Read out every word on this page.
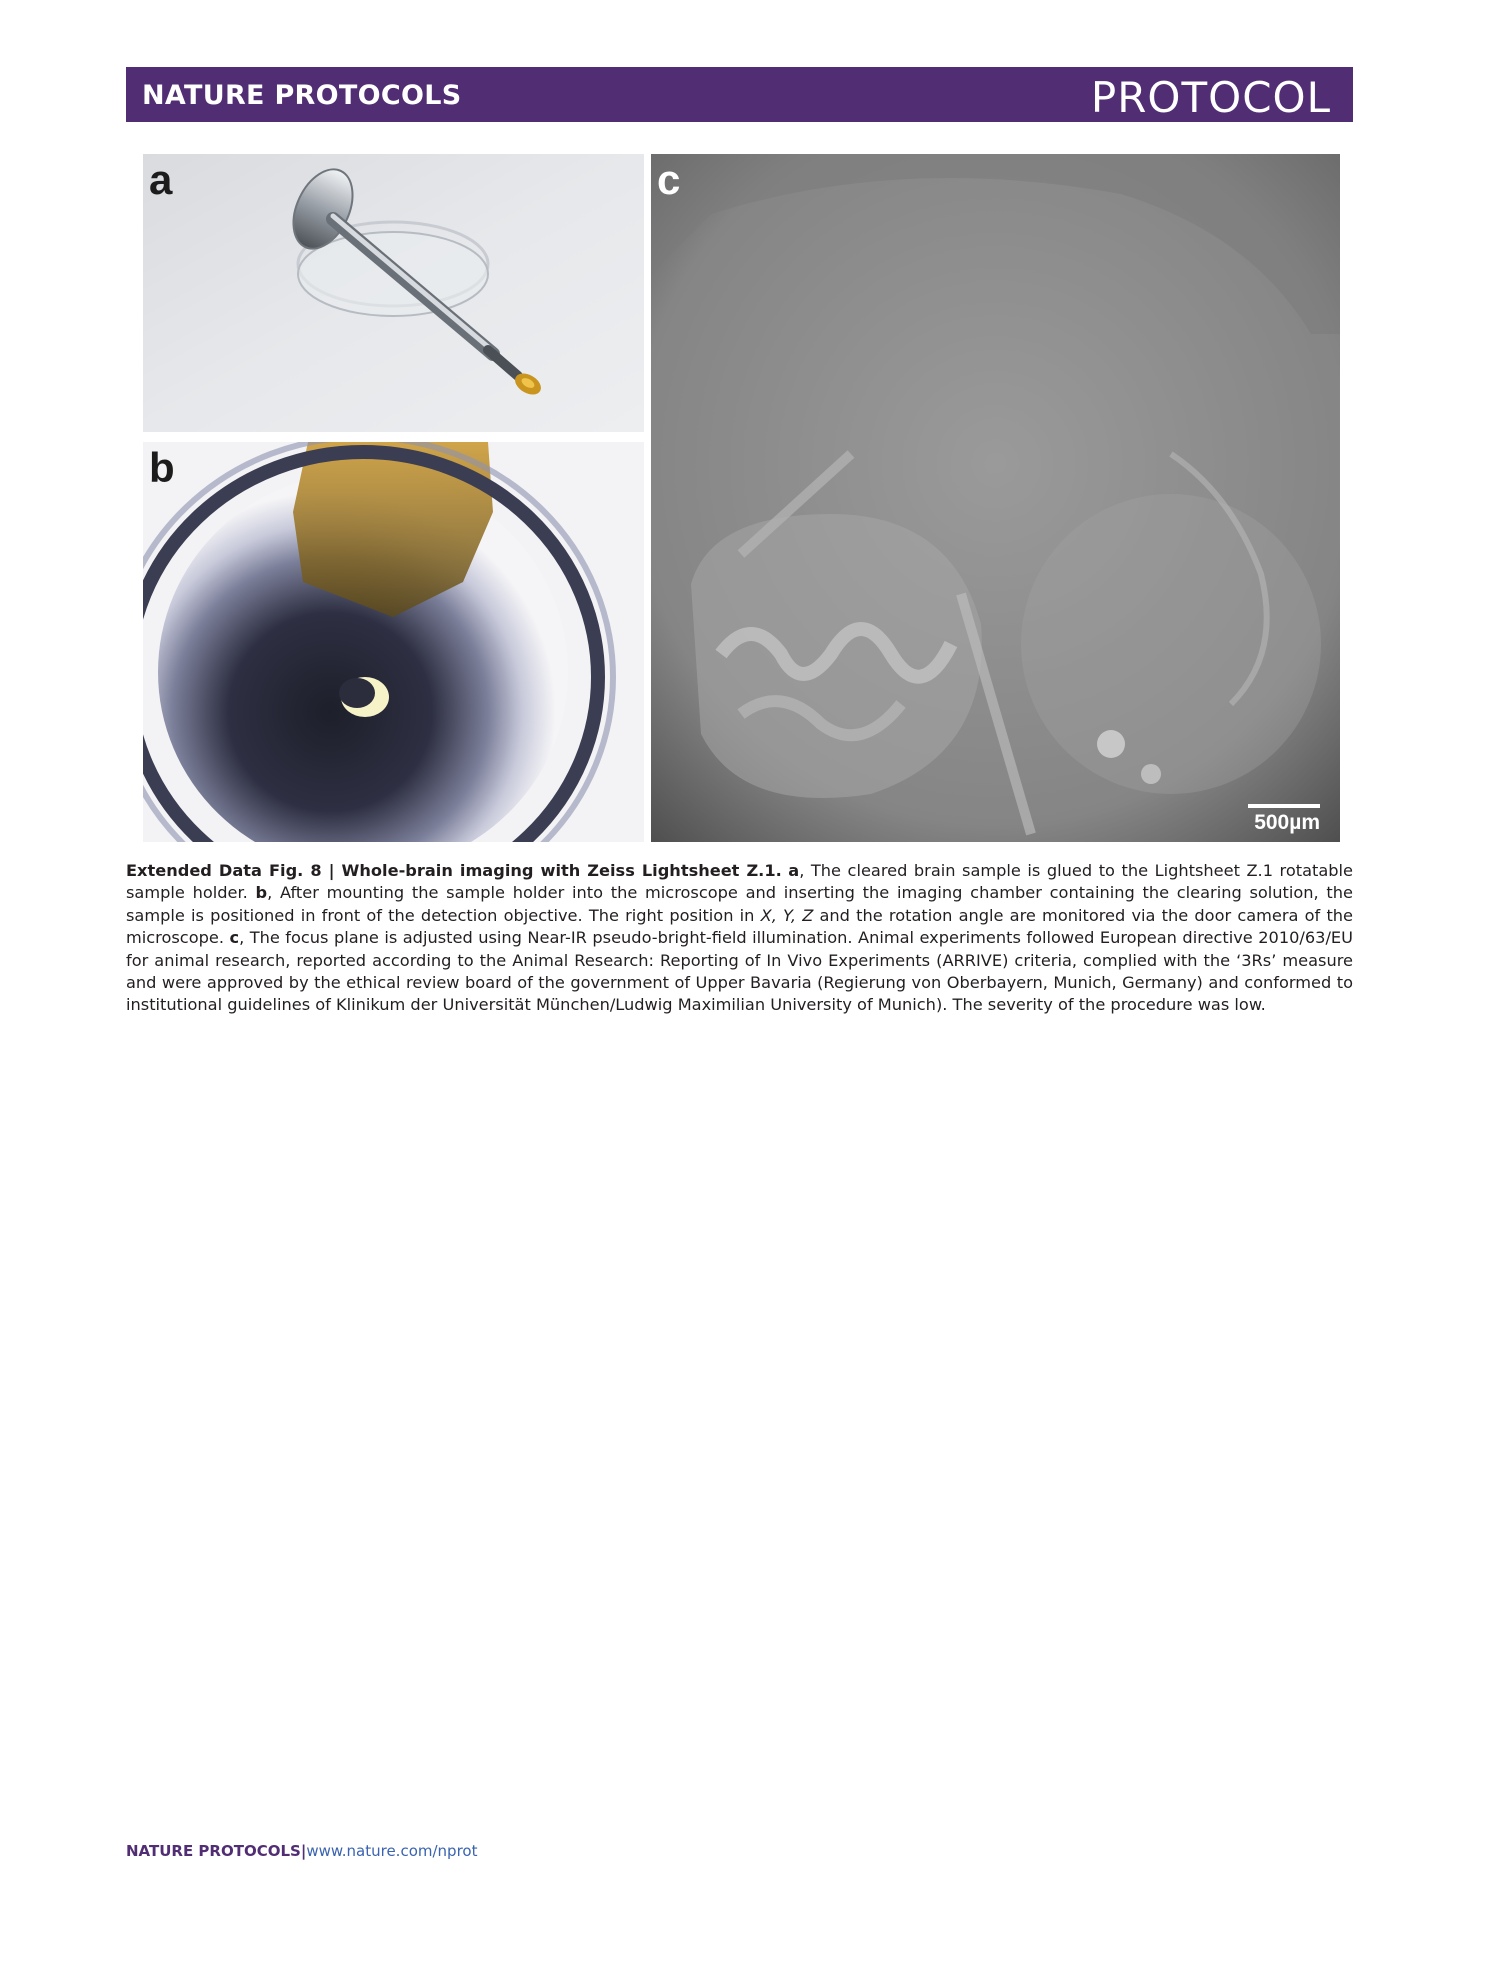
NATURE PROTOCOLS	PROTOCOL
a
b
c
500µm

Extended Data Fig. 8 | Whole-brain imaging with Zeiss Lightsheet Z.1. a, The cleared brain sample is glued to the Lightsheet Z.1 rotatable sample holder. b, After mounting the sample holder into the microscope and inserting the imaging chamber containing the clearing solution, the sample is positioned in front of the detection objective. The right position in X, Y, Z and the rotation angle are monitored via the door camera of the microscope. c, The focus plane is adjusted using Near-IR pseudo-bright-field illumination. Animal experiments followed European directive 2010/63/EU for animal research, reported according to the Animal Research: Reporting of In Vivo Experiments (ARRIVE) criteria, complied with the ‘3Rs’ measure and were approved by the ethical review board of the government of Upper Bavaria (Regierung von Oberbayern, Munich, Germany) and conformed to institutional guidelines of Klinikum der Universität München/Ludwig Maximilian University of Munich). The severity of the procedure was low.

NATURE PROTOCOLS|www.nature.com/nprot
